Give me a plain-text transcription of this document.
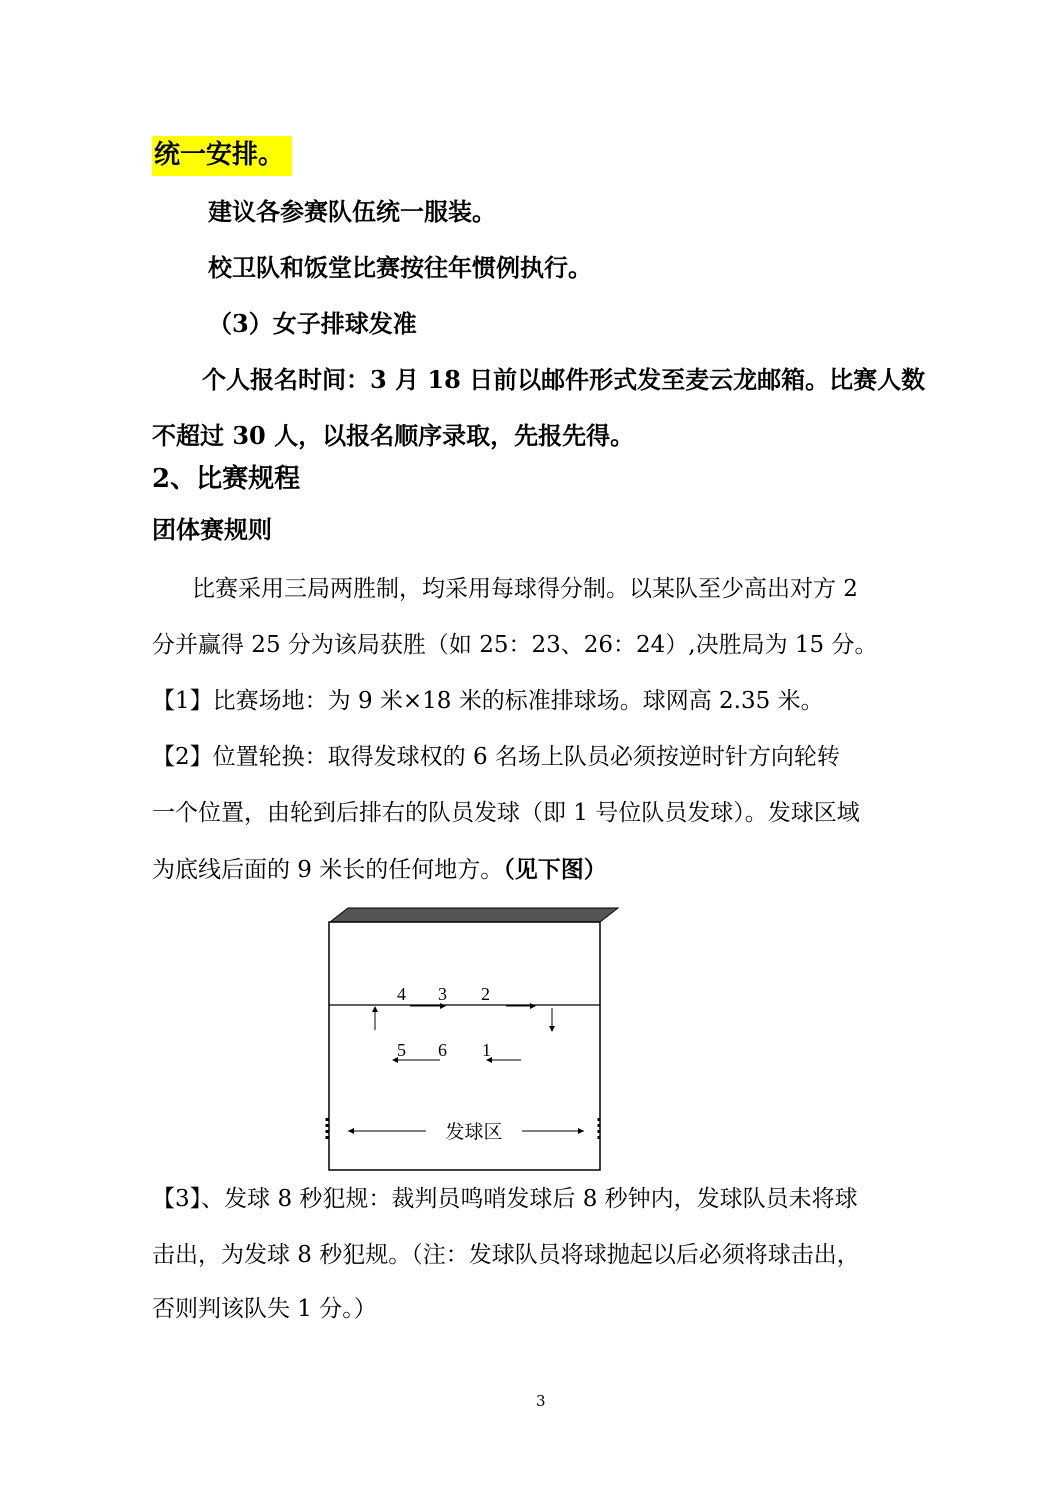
统一安排。
建议各参赛队伍统一服装。
校卫队和饭堂比赛按往年惯例执行。
（3）女子排球发准
个人报名时间：3 月 18 日前以邮件形式发至麦云龙邮箱。比赛人数
不超过 30 人，以报名顺序录取，先报先得。
2、比赛规程
团体赛规则
比赛采用三局两胜制，均采用每球得分制。以某队至少高出对方 2
分并赢得 25 分为该局获胜（如 25：23、26：24）,决胜局为 15 分。
【1】比赛场地：为 9 米×18 米的标准排球场。球网高 2.35 米。
【2】位置轮换：取得发球权的 6 名场上队员必须按逆时针方向轮转
一个位置，由轮到后排右的队员发球（即 1 号位队员发球）。发球区域
为底线后面的 9 米长的任何地方。（见下图）
4 3 2
5 6 1
发球区
【3】、发球 8 秒犯规：裁判员鸣哨发球后 8 秒钟内，发球队员未将球
击出，为发球 8 秒犯规。（注：发球队员将球抛起以后必须将球击出，
否则判该队失 1 分。）
3
